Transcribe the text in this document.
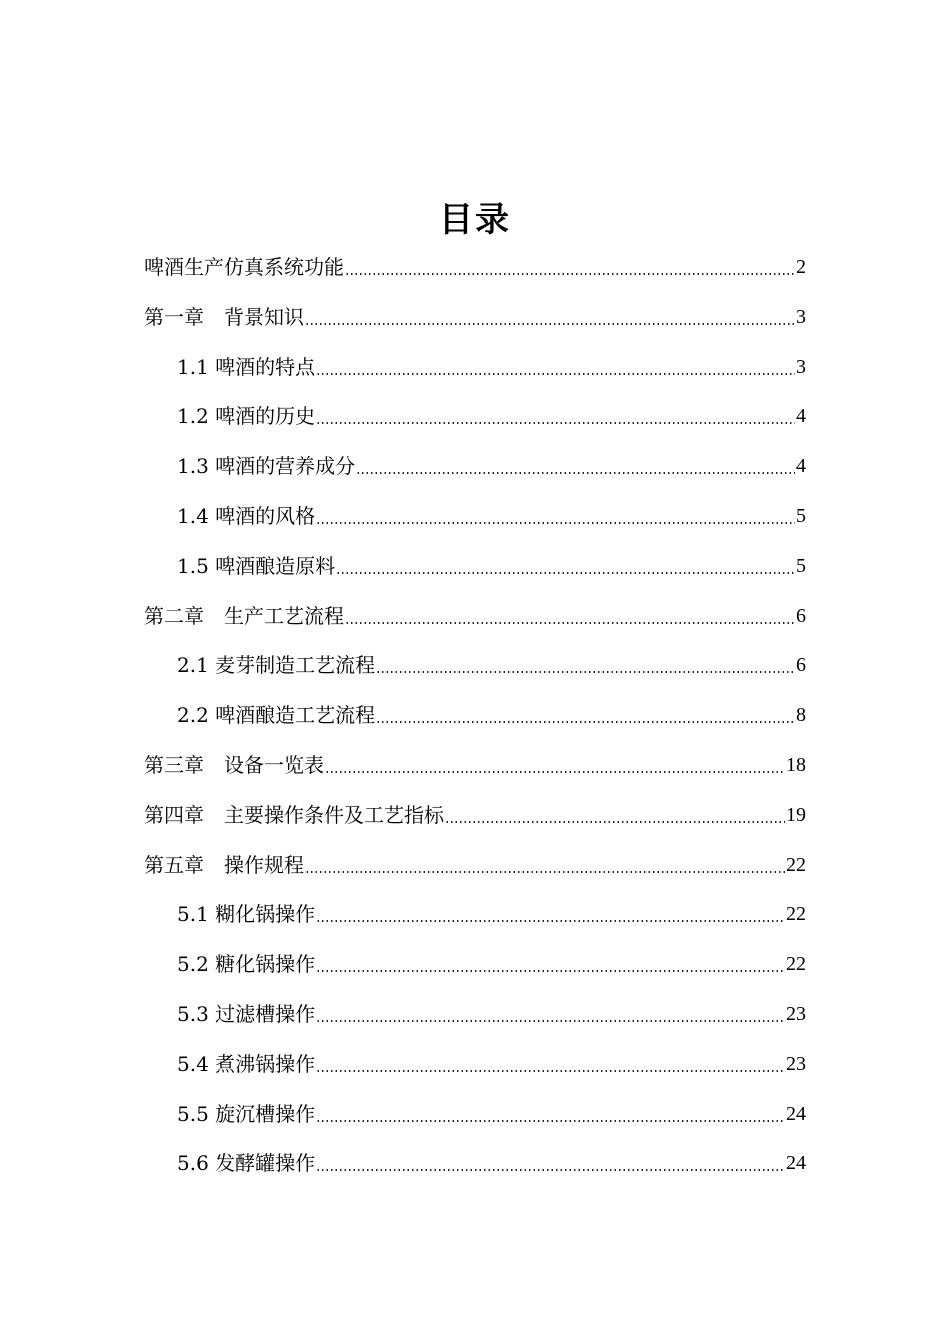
目录
啤酒生产仿真系统功能	2
第一章　背景知识	3
1.1 啤酒的特点	3
1.2 啤酒的历史	4
1.3 啤酒的营养成分	4
1.4 啤酒的风格	5
1.5 啤酒酿造原料	5
第二章　生产工艺流程	6
2.1 麦芽制造工艺流程	6
2.2 啤酒酿造工艺流程	8
第三章　设备一览表	18
第四章　主要操作条件及工艺指标	19
第五章　操作规程	22
5.1 糊化锅操作	22
5.2 糖化锅操作	22
5.3 过滤槽操作	23
5.4 煮沸锅操作	23
5.5 旋沉槽操作	24
5.6 发酵罐操作	24
